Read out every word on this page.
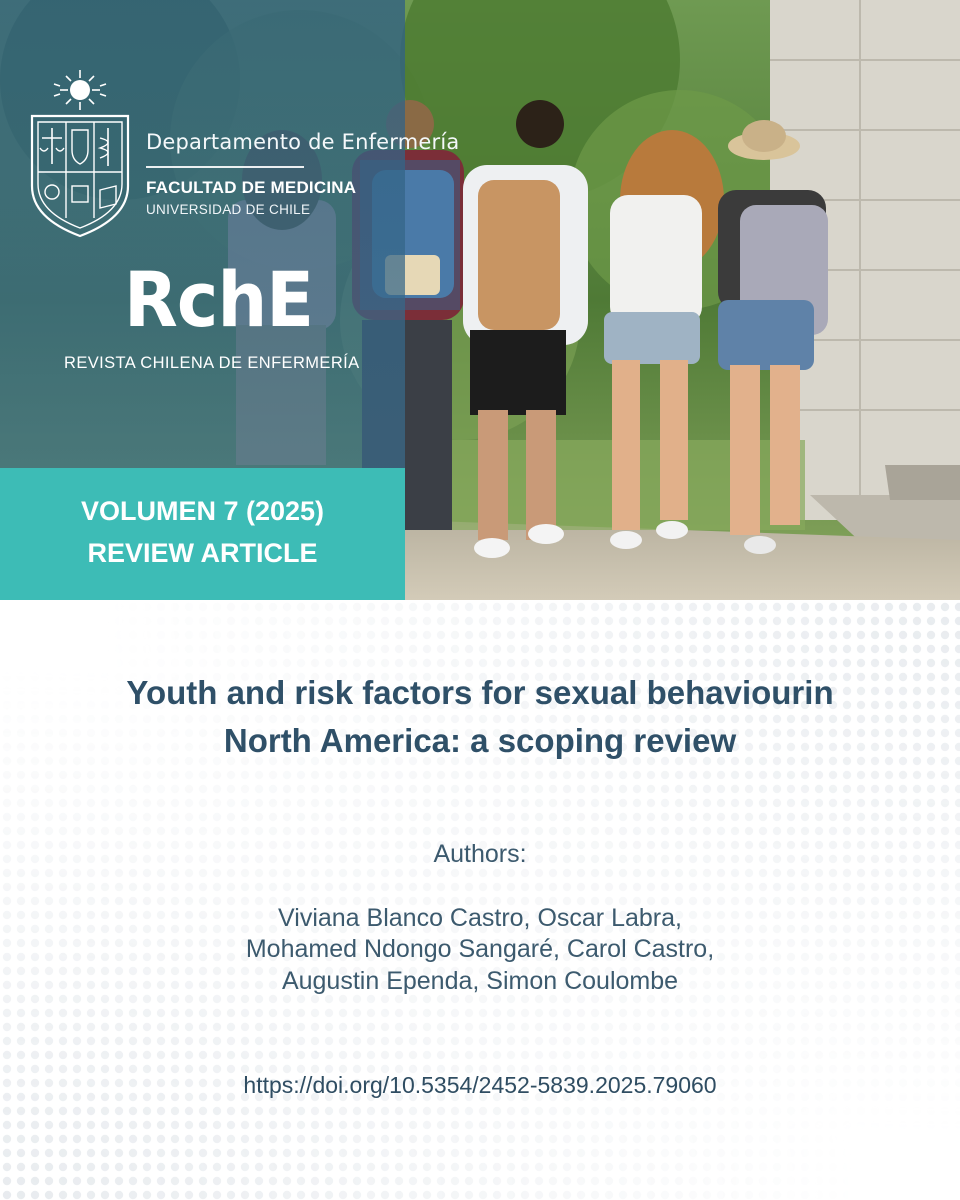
Departamento de Enfermería
FACULTAD DE MEDICINA
UNIVERSIDAD DE CHILE
RchE
REVISTA CHILENA DE ENFERMERÍA
VOLUMEN 7 (2025)
REVIEW ARTICLE
Youth and risk factors for sexual behaviourin
North America: a scoping review
Authors:
Viviana Blanco Castro, Oscar Labra,
Mohamed Ndongo Sangaré, Carol Castro,
Augustin Ependa, Simon Coulombe
https://doi.org/10.5354/2452-5839.2025.79060
